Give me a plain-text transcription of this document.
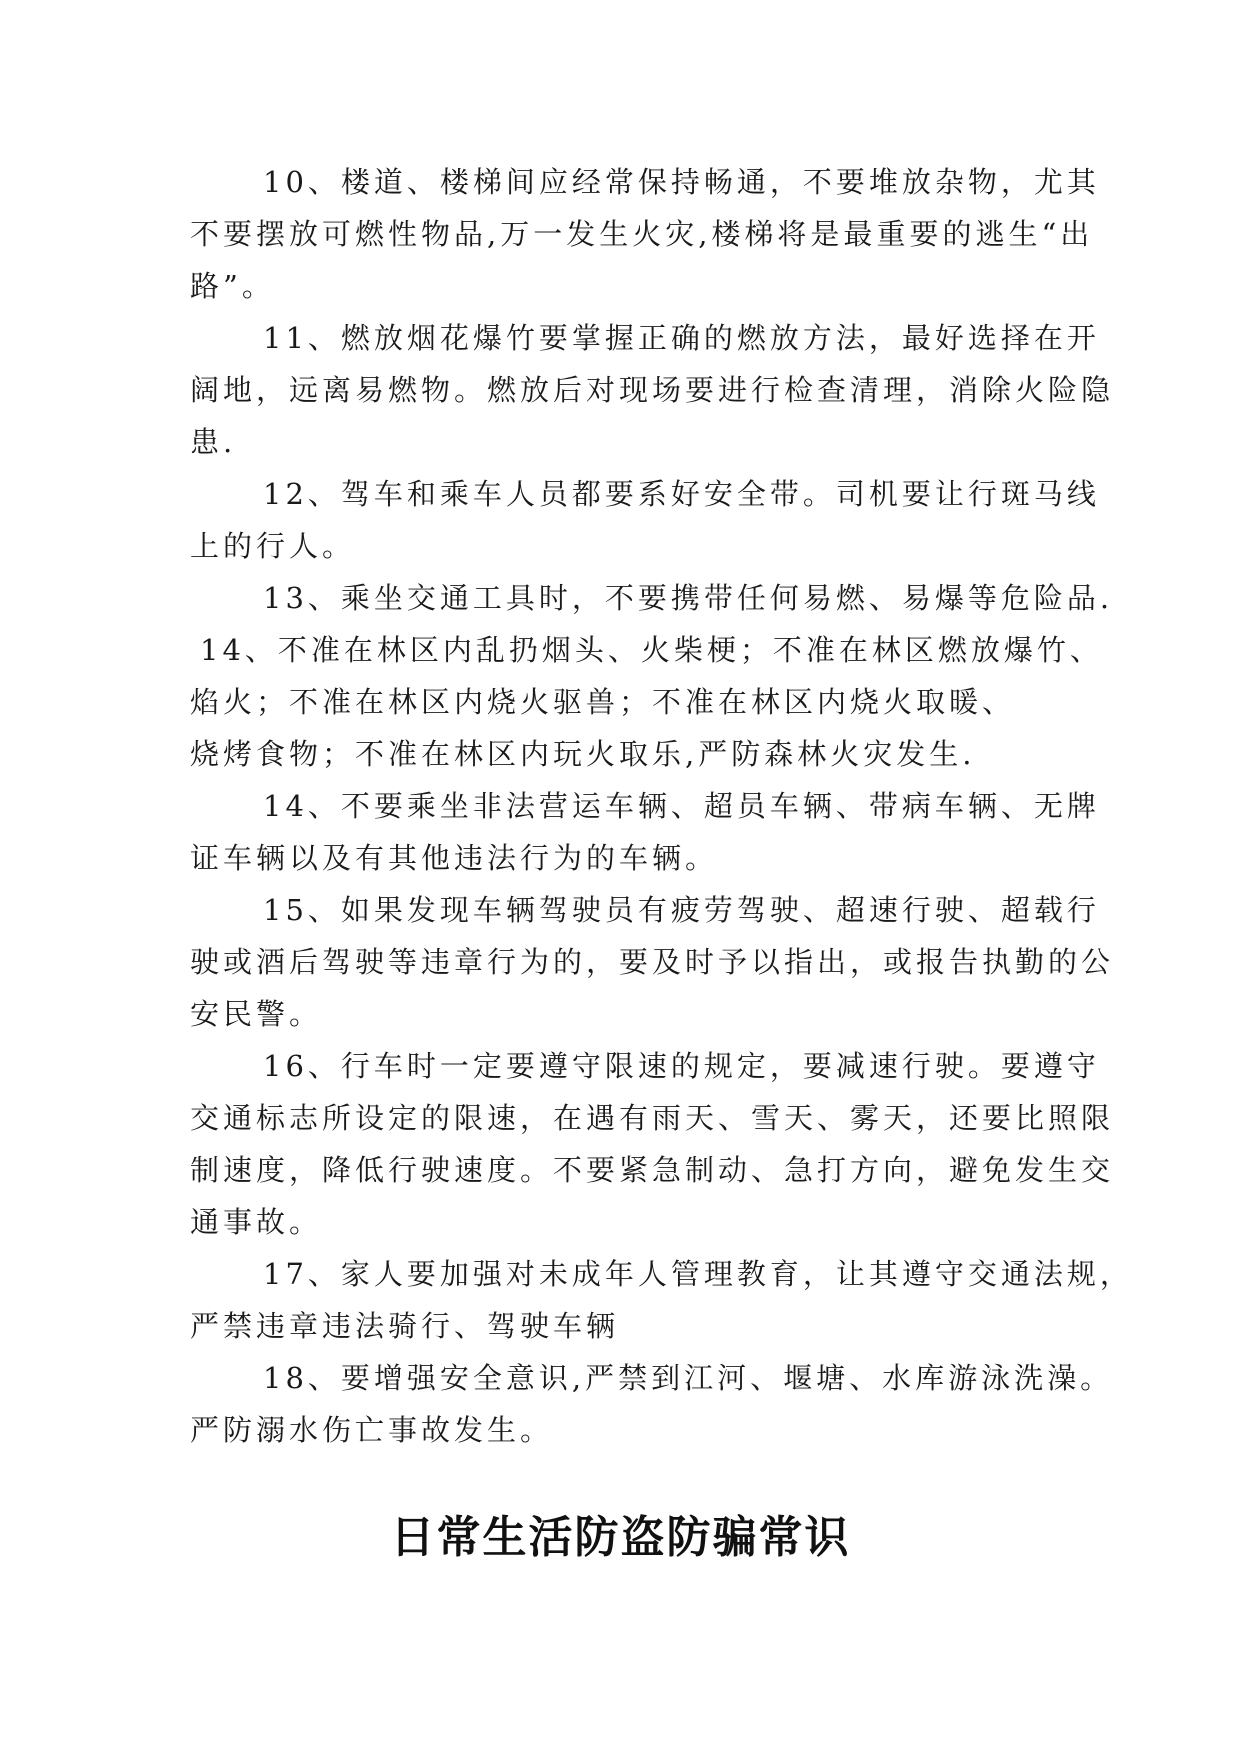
10、楼道、楼梯间应经常保持畅通，不要堆放杂物，尤其
不要摆放可燃性物品,万一发生火灾,楼梯将是最重要的逃生“出
路”。
11、燃放烟花爆竹要掌握正确的燃放方法，最好选择在开
阔地，远离易燃物。燃放后对现场要进行检查清理，消除火险隐
患.
12、驾车和乘车人员都要系好安全带。司机要让行斑马线
上的行人。
13、乘坐交通工具时，不要携带任何易燃、易爆等危险品.
14、不准在林区内乱扔烟头、火柴梗；不准在林区燃放爆竹、
焰火；不准在林区内烧火驱兽；不准在林区内烧火取暖、
烧烤食物；不准在林区内玩火取乐,严防森林火灾发生.
14、不要乘坐非法营运车辆、超员车辆、带病车辆、无牌
证车辆以及有其他违法行为的车辆。
15、如果发现车辆驾驶员有疲劳驾驶、超速行驶、超载行
驶或酒后驾驶等违章行为的，要及时予以指出，或报告执勤的公
安民警。
16、行车时一定要遵守限速的规定，要减速行驶。要遵守
交通标志所设定的限速，在遇有雨天、雪天、雾天，还要比照限
制速度，降低行驶速度。不要紧急制动、急打方向，避免发生交
通事故。
17、家人要加强对未成年人管理教育，让其遵守交通法规，
严禁违章违法骑行、驾驶车辆
18、要增强安全意识,严禁到江河、堰塘、水库游泳洗澡。
严防溺水伤亡事故发生。
日常生活防盗防骗常识
